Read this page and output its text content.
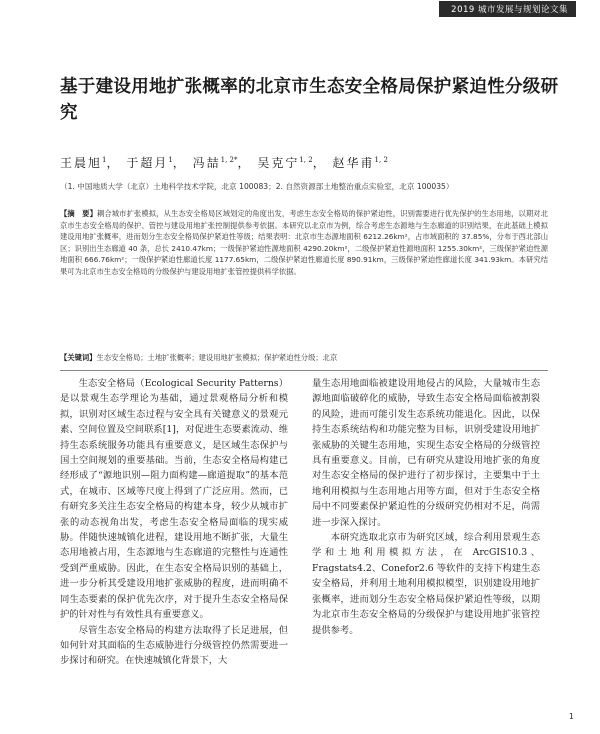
2019 城市发展与规划论文集
基于建设用地扩张概率的北京市生态安全格局保护紧迫性分级研究
王晨旭$^1$， 于超月$^1$， 冯喆$^{1, 2*}$， 吴克宁$^{1, 2}$， 赵华甫$^{1, 2}$
（1. 中国地质大学（北京）土地科学技术学院，北京 100083；2. 自然资源部土地整治重点实验室，北京 100035）
【摘　要】耦合城市扩张模拟，从生态安全格局区域划定的角度出发，考虑生态安全格局的保护紧迫性，识别需要进行优先保护的生态用地，以期对北京市生态安全格局的保护、管控与建设用地扩张控制提供参考依据。本研究以北京市为例，综合考虑生态源地与生态廊道的识别结果，在此基础上模拟建设用地扩张概率，进而划分生态安全格局保护紧迫性等级；结果表明：北京市生态源地面积 6212.26km²，占市域面积的 37.85%，分布于西北部山区；识别出生态廊道 40 条，总长 2410.47km；一级保护紧迫性源地面积 4290.20km²，二级保护紧迫性源地面积 1255.30km²，三级保护紧迫性源地面积 666.76km²；一级保护紧迫性廊道长度 1177.65km，二级保护紧迫性廊道长度 890.91km，三级保护紧迫性廊道长度 341.93km。本研究结果可为北京市生态安全格局的分级保护与建设用地扩张管控提供科学依据。
【关键词】生态安全格局；土地扩张概率；建设用地扩张模拟；保护紧迫性分级；北京

生态安全格局（Ecological Security Patterns）是以景观生态学理论为基础，通过景观格局分析和模拟，识别对区域生态过程与安全具有关键意义的景观元素、空间位置及空间联系[1]，对促进生态要素流动、维持生态系统服务功能具有重要意义，是区域生态保护与国土空间规划的重要基础。当前，生态安全格局构建已经形成了“源地识别—阻力面构建—廊道提取”的基本范式，在城市、区域等尺度上得到了广泛应用。然而，已有研究多关注生态安全格局的构建本身，较少从城市扩张的动态视角出发，考虑生态安全格局面临的现实威胁。伴随快速城镇化进程，建设用地不断扩张，大量生态用地被占用，生态源地与生态廊道的完整性与连通性受到严重威胁。因此，在生态安全格局识别的基础上，进一步分析其受建设用地扩张威胁的程度，进而明确不同生态要素的保护优先次序，对于提升生态安全格局保护的针对性与有效性具有重要意义。

尽管生态安全格局的构建方法取得了长足进展，但如何针对其面临的生态威胁进行分级管控仍然需要进一步探讨和研究。在快速城镇化背景下，大

量生态用地面临被建设用地侵占的风险，大量城市生态源地面临破碎化的威胁，导致生态安全格局面临被割裂的风险，进而可能引发生态系统功能退化。因此，以保持生态系统结构和功能完整为目标，识别受建设用地扩张威胁的关键生态用地，实现生态安全格局的分级管控具有重要意义。目前，已有研究从建设用地扩张的角度对生态安全格局的保护进行了初步探讨，主要集中于土地利用模拟与生态用地占用等方面，但对于生态安全格局中不同要素保护紧迫性的分级研究仍相对不足，尚需进一步深入探讨。

本研究选取北京市为研究区域，综合利用景观生态学和土地利用模拟方法，在 ArcGIS10.3、Fragstats4.2、Conefor2.6 等软件的支持下构建生态安全格局，并利用土地利用模拟模型，识别建设用地扩张概率，进而划分生态安全格局保护紧迫性等级，以期为北京市生态安全格局的分级保护与建设用地扩张管控提供参考。

1
